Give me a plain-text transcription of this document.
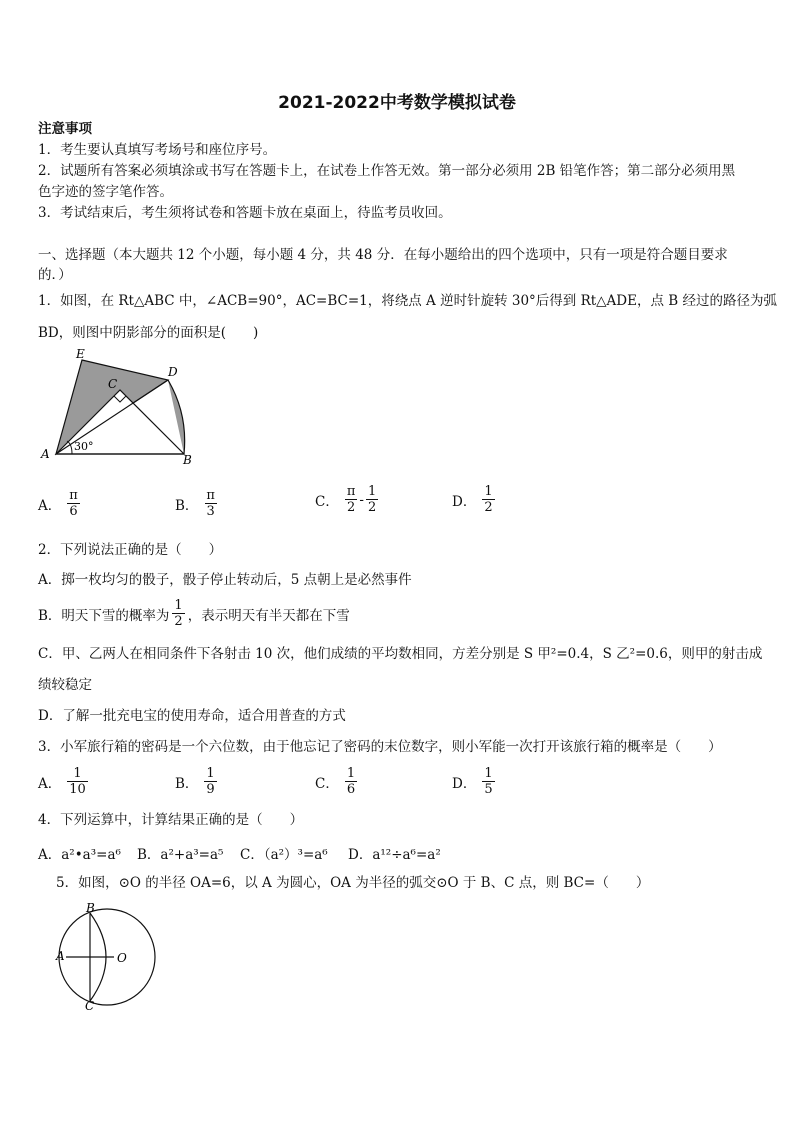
2021-2022中考数学模拟试卷
注意事项
1．考生要认真填写考场号和座位序号。
2．试题所有答案必须填涂或书写在答题卡上，在试卷上作答无效。第一部分必须用 2B 铅笔作答；第二部分必须用黑
色字迹的签字笔作答。
3．考试结束后，考生须将试卷和答题卡放在桌面上，待监考员收回。
一、选择题（本大题共 12 个小题，每小题 4 分，共 48 分．在每小题给出的四个选项中，只有一项是符合题目要求
的．）
1．如图，在 Rt△ABC 中，∠ACB=90°，AC=BC=1，将绕点 A 逆时针旋转 30°后得到 Rt△ADE，点 B 经过的路径为弧
BD，则图中阴影部分的面积是(　　)
E
C
D
A	B
30°
A． $\frac{\pi}{6}$	B． $\frac{\pi}{3}$	C． $\frac{\pi}{2} - \frac{1}{2}$	D． $\frac{1}{2}$
2．下列说法正确的是（　　）
A．掷一枚均匀的骰子，骰子停止转动后，5 点朝上是必然事件
B．明天下雪的概率为 $\frac{1}{2}$ ，表示明天有半天都在下雪
C．甲、乙两人在相同条件下各射击 10 次，他们成绩的平均数相同，方差分别是 S 甲²=0.4，S 乙²=0.6，则甲的射击成
绩较稳定
D．了解一批充电宝的使用寿命，适合用普查的方式
3．小军旅行箱的密码是一个六位数，由于他忘记了密码的末位数字，则小军能一次打开该旅行箱的概率是（　　）
A． $\frac{1}{10}$	B． $\frac{1}{9}$	C． $\frac{1}{6}$	D． $\frac{1}{5}$
4．下列运算中，计算结果正确的是（　　）
A．a²•a³=a⁶ B．a²+a³=a⁵ C．（a²）³=a⁶ D．a¹²÷a⁶=a²
5．如图，⊙O 的半径 OA=6，以 A 为圆心，OA 为半径的弧交⊙O 于 B、C 点，则 BC=（　　）
B
A	O
C
